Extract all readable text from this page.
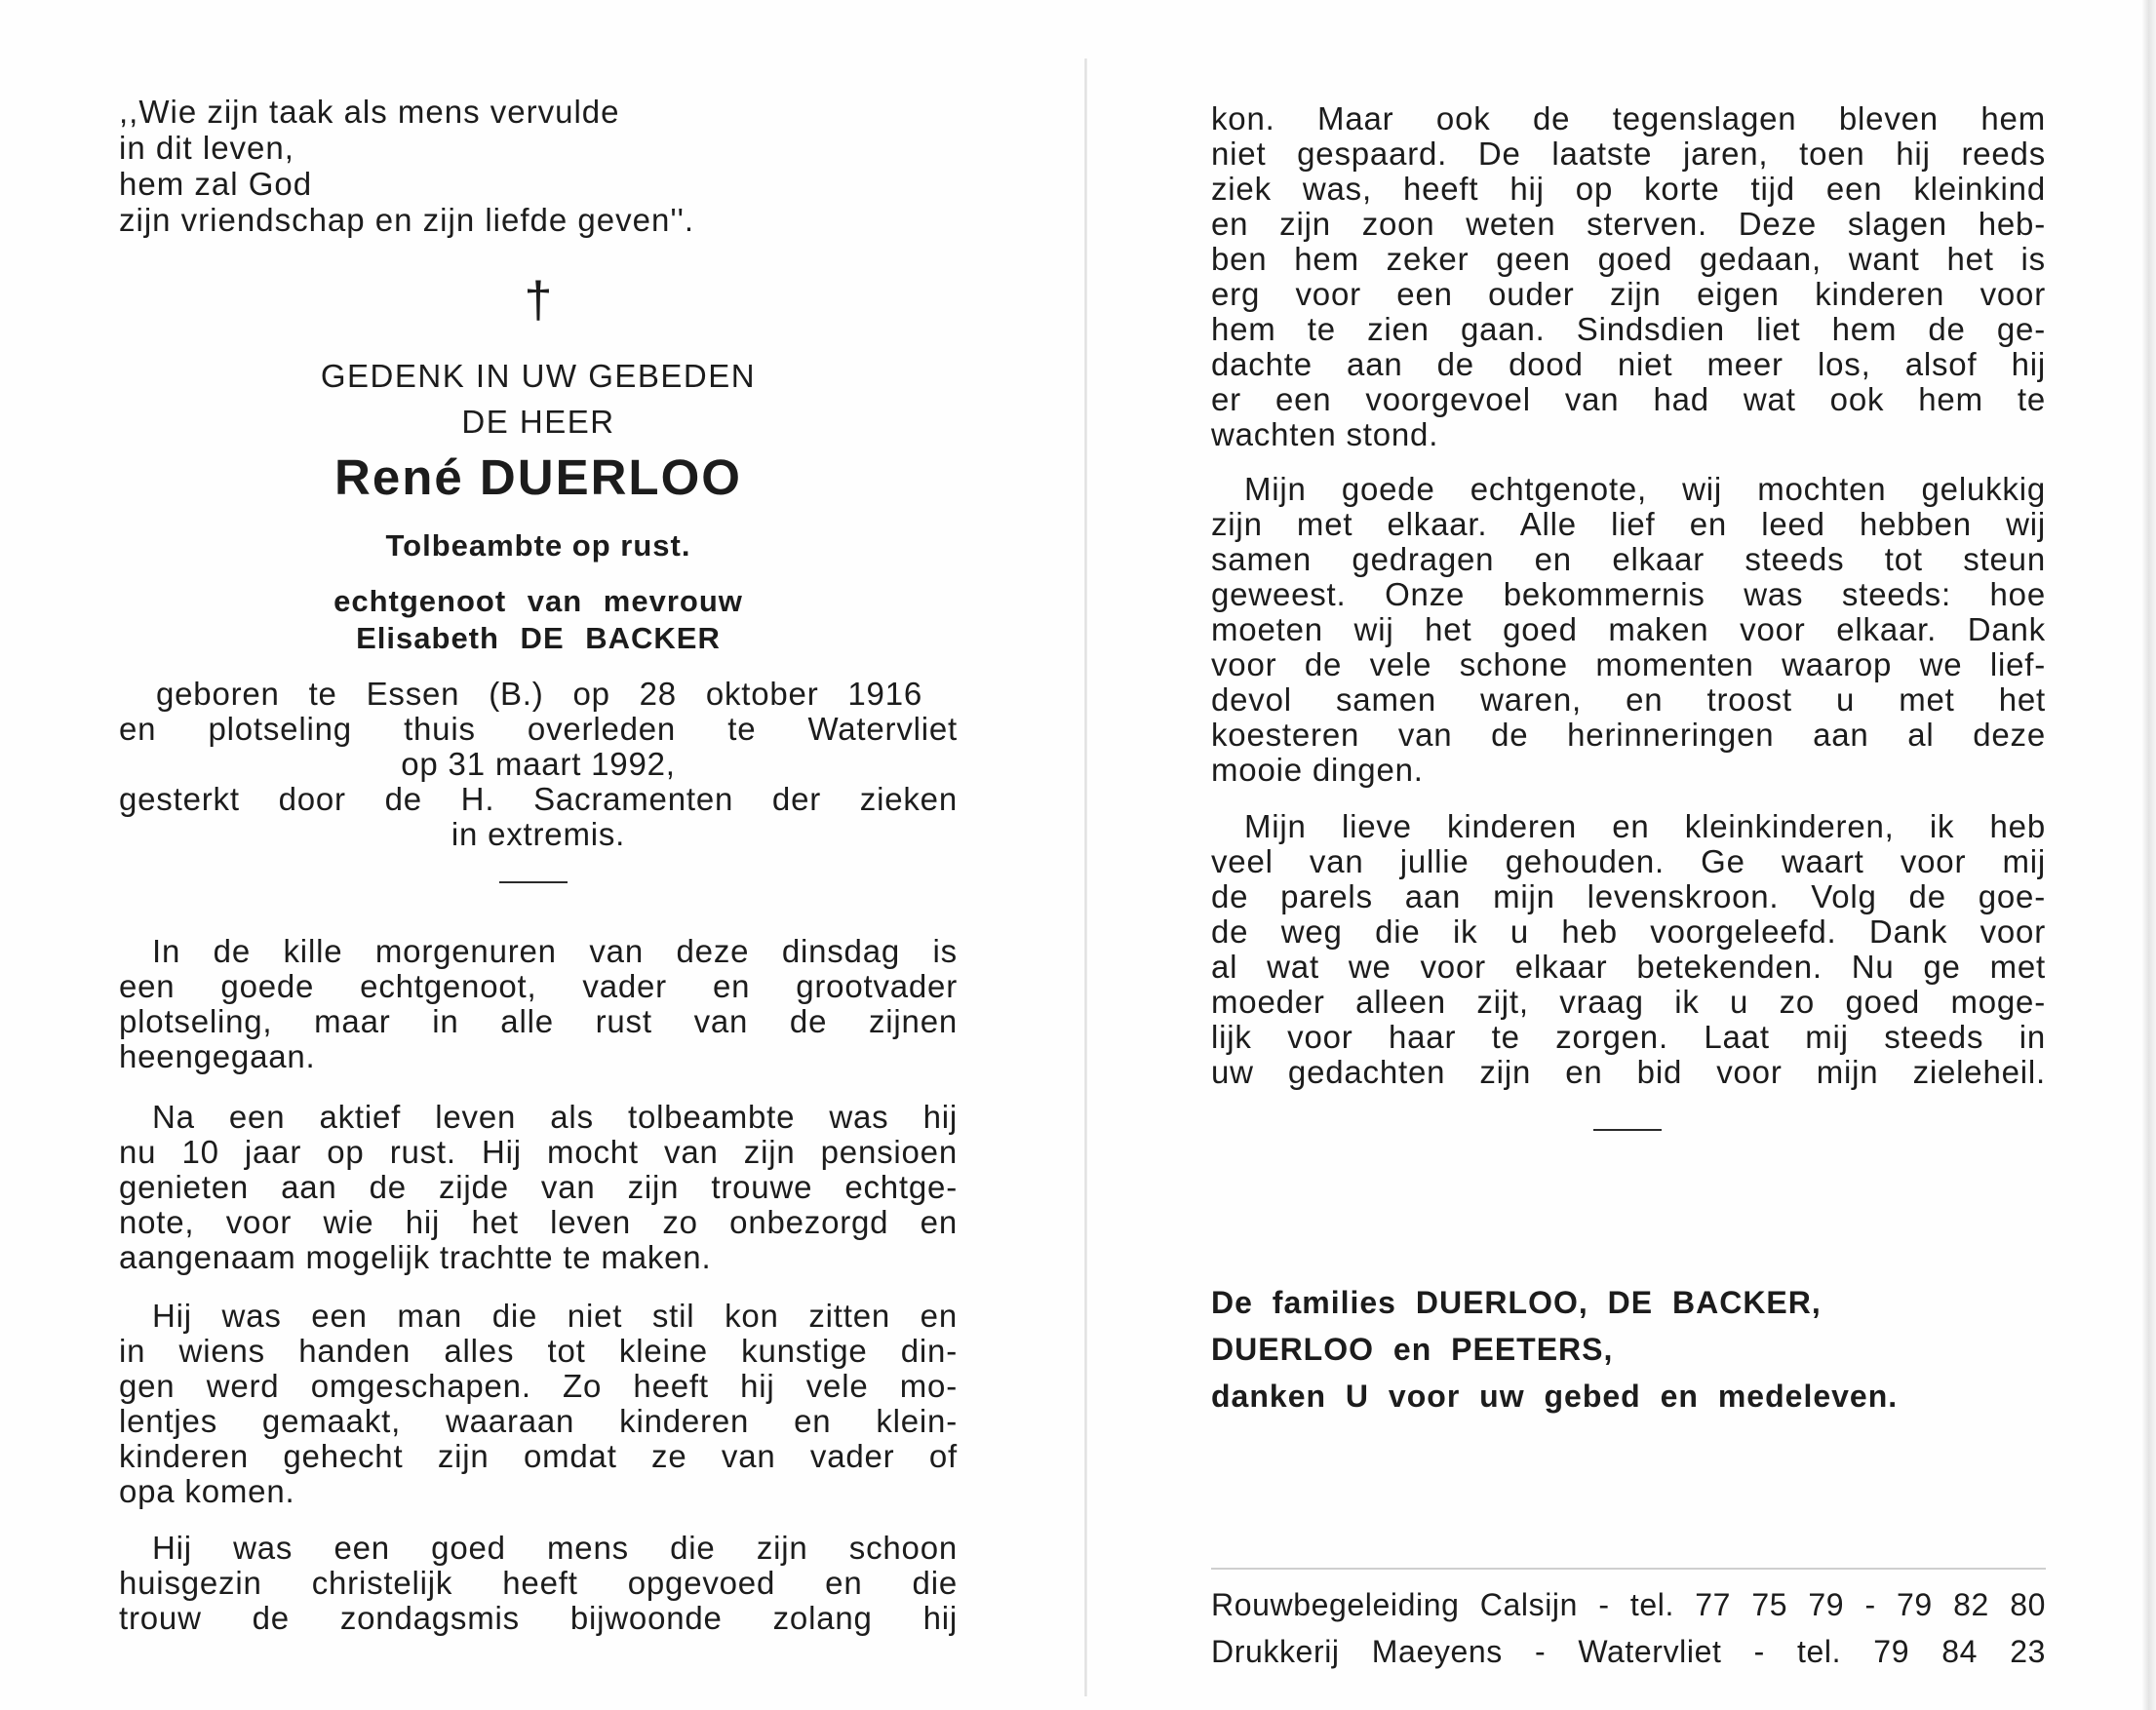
,,Wie zijn taak als mens vervulde
in dit leven,
hem zal God
zijn vriendschap en zijn liefde geven''.
†
GEDENK IN UW GEBEDEN
DE HEER
René DUERLOO
Tolbeambte op rust.
echtgenoot van mevrouw
Elisabeth DE BACKER
geboren te Essen (B.) op 28 oktober 1916
en plotseling thuis overleden te Watervliet
op 31 maart 1992,
gesterkt door de H. Sacramenten der zieken
in extremis.
In de kille morgenuren van deze dinsdag is
een goede echtgenoot, vader en grootvader
plotseling, maar in alle rust van de zijnen
heengegaan.
Na een aktief leven als tolbeambte was hij
nu 10 jaar op rust. Hij mocht van zijn pensioen
genieten aan de zijde van zijn trouwe echtge-
note, voor wie hij het leven zo onbezorgd en
aangenaam mogelijk trachtte te maken.
Hij was een man die niet stil kon zitten en
in wiens handen alles tot kleine kunstige din-
gen werd omgeschapen. Zo heeft hij vele mo-
lentjes gemaakt, waaraan kinderen en klein-
kinderen gehecht zijn omdat ze van vader of
opa komen.
Hij was een goed mens die zijn schoon
huisgezin christelijk heeft opgevoed en die
trouw de zondagsmis bijwoonde zolang hij
kon. Maar ook de tegenslagen bleven hem
niet gespaard. De laatste jaren, toen hij reeds
ziek was, heeft hij op korte tijd een kleinkind
en zijn zoon weten sterven. Deze slagen heb-
ben hem zeker geen goed gedaan, want het is
erg voor een ouder zijn eigen kinderen voor
hem te zien gaan. Sindsdien liet hem de ge-
dachte aan de dood niet meer los, alsof hij
er een voorgevoel van had wat ook hem te
wachten stond.
Mijn goede echtgenote, wij mochten gelukkig
zijn met elkaar. Alle lief en leed hebben wij
samen gedragen en elkaar steeds tot steun
geweest. Onze bekommernis was steeds: hoe
moeten wij het goed maken voor elkaar. Dank
voor de vele schone momenten waarop we lief-
devol samen waren, en troost u met het
koesteren van de herinneringen aan al deze
mooie dingen.
Mijn lieve kinderen en kleinkinderen, ik heb
veel van jullie gehouden. Ge waart voor mij
de parels aan mijn levenskroon. Volg de goe-
de weg die ik u heb voorgeleefd. Dank voor
al wat we voor elkaar betekenden. Nu ge met
moeder alleen zijt, vraag ik u zo goed moge-
lijk voor haar te zorgen. Laat mij steeds in
uw gedachten zijn en bid voor mijn zieleheil.
De families DUERLOO, DE BACKER,
DUERLOO en PEETERS,
danken U voor uw gebed en medeleven.
Rouwbegeleiding Calsijn - tel. 77 75 79 - 79 82 80
Drukkerij Maeyens - Watervliet - tel. 79 84 23
